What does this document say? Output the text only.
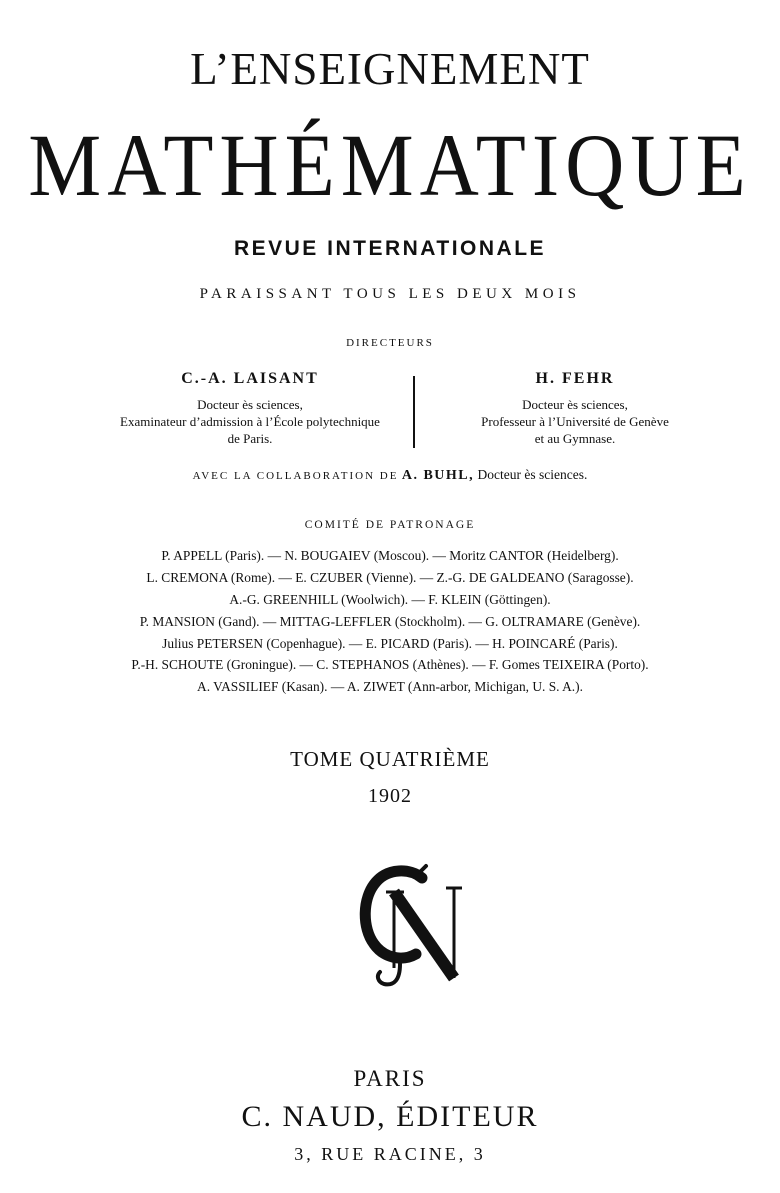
L’ENSEIGNEMENT
MATHÉMATIQUE
REVUE INTERNATIONALE
PARAISSANT TOUS LES DEUX MOIS
DIRECTEURS
C.-A. LAISANT
Docteur ès sciences,
Examinateur d’admission à l’École polytechnique
de Paris.
H. FEHR
Docteur ès sciences,
Professeur à l’Université de Genève
et au Gymnase.
AVEC LA COLLABORATION DE A. BUHL, Docteur ès sciences.
COMITÉ DE PATRONAGE
P. APPELL (Paris). — N. BOUGAIEV (Moscou). — Moritz CANTOR (Heidelberg).
L. CREMONA (Rome). — E. CZUBER (Vienne). — Z.-G. DE GALDEANO (Saragosse).
A.-G. GREENHILL (Woolwich). — F. KLEIN (Göttingen).
P. MANSION (Gand). — MITTAG-LEFFLER (Stockholm). — G. OLTRAMARE (Genève).
Julius PETERSEN (Copenhague). — E. PICARD (Paris). — H. POINCARÉ (Paris).
P.-H. SCHOUTE (Groningue). — C. STEPHANOS (Athènes). — F. Gomes TEIXEIRA (Porto).
A. VASSILIEF (Kasan). — A. ZIWET (Ann-arbor, Michigan, U. S. A.).
TOME QUATRIÈME
1902
PARIS
C. NAUD, ÉDITEUR
3, RUE RACINE, 3
